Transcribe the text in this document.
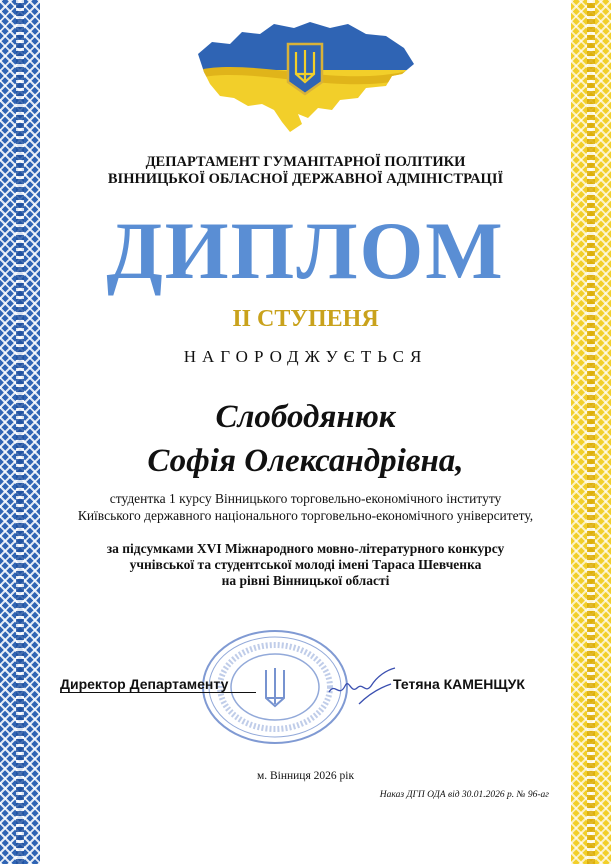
ДЕПАРТАМЕНТ ГУМАНІТАРНОЇ ПОЛІТИКИ
ВІННИЦЬКОЇ ОБЛАСНОЇ ДЕРЖАВНОЇ АДМІНІСТРАЦІЇ
ДИПЛОМ
ІІ СТУПЕНЯ
НАГОРОДЖУЄТЬСЯ
Слободянюк
Софія Олександрівна,
студентка 1 курсу Вінницького торговельно-економічного інституту
Київського державного національного торговельно-економічного університету,
за підсумками XVI Міжнародного мовно-літературного конкурсу
учнівської та студентської молоді імені Тараса Шевченка
на рівні Вінницької області
Директор Департаменту	Тетяна КАМЕНЩУК
м. Вінниця 2026 рік
Наказ ДГП ОДА від 30.01.2026 р. № 96-аг
